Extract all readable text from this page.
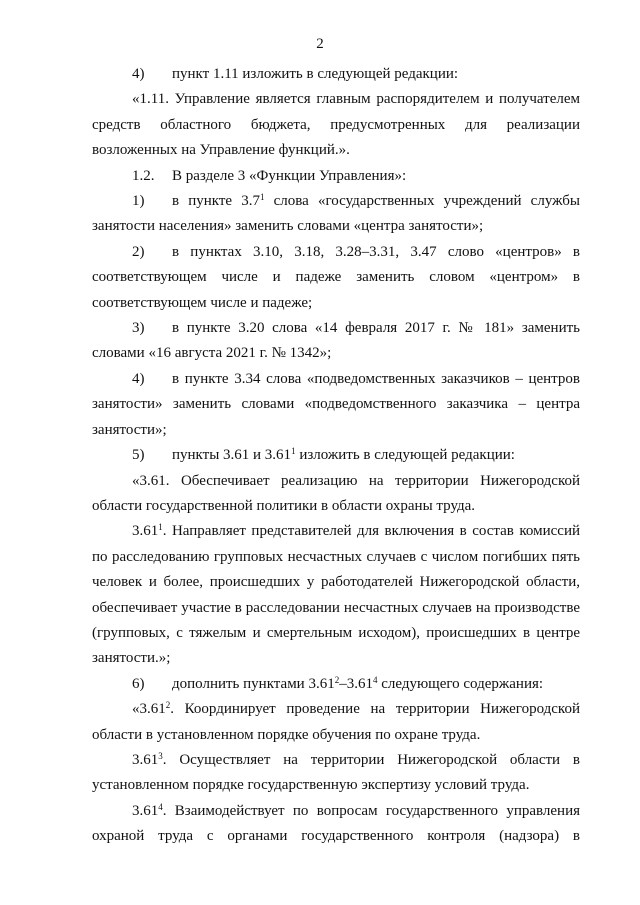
2

4) пункт 1.11 изложить в следующей редакции:

«1.11. Управление является главным распорядителем и получателем средств областного бюджета, предусмотренных для реализации возложенных на Управление функций.».

1.2. В разделе 3 «Функции Управления»:

1) в пункте $3.7^1$ слова «государственных учреждений службы занятости населения» заменить словами «центра занятости»;

2) в пунктах 3.10, 3.18, 3.28–3.31, 3.47 слово «центров» в соответствующем числе и падеже заменить словом «центром» в соответствующем числе и падеже;

3) в пункте 3.20 слова «14 февраля 2017 г. № 181» заменить словами «16 августа 2021 г. № 1342»;

4) в пункте 3.34 слова «подведомственных заказчиков – центров занятости» заменить словами «подведомственного заказчика – центра занятости»;

5) пункты 3.61 и 3.61$^1$ изложить в следующей редакции:

«3.61. Обеспечивает реализацию на территории Нижегородской области государственной политики в области охраны труда.

3.61$^1$. Направляет представителей для включения в состав комиссий по расследованию групповых несчастных случаев с числом погибших пять человек и более, происшедших у работодателей Нижегородской области, обеспечивает участие в расследовании несчастных случаев на производстве (групповых, с тяжелым и смертельным исходом), происшедших в центре занятости.»;

6) дополнить пунктами 3.61$^2$–3.61$^4$ следующего содержания:

«3.61$^2$. Координирует проведение на территории Нижегородской области в установленном порядке обучения по охране труда.

3.61$^3$. Осуществляет на территории Нижегородской области в установленном порядке государственную экспертизу условий труда.

3.61$^4$. Взаимодействует по вопросам государственного управления охраной труда с органами государственного контроля (надзора) в
